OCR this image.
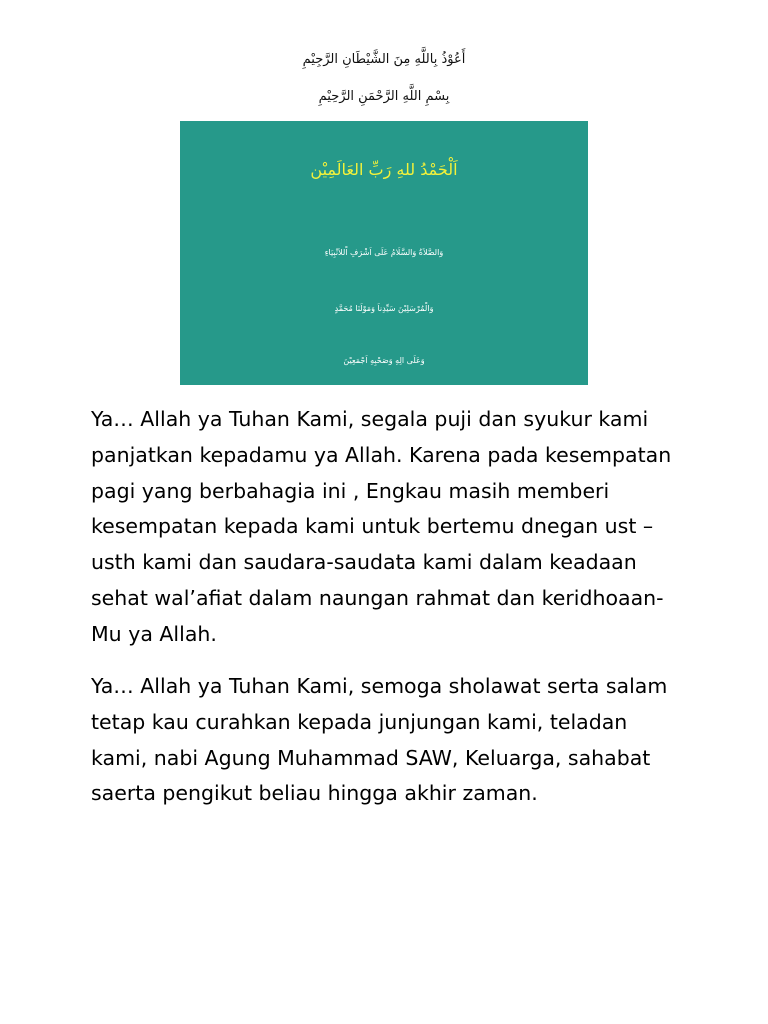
أَعُوْذُ بِاللَّهِ مِنَ الشَّيْطَانِ الرَّجِيْمِ
بِسْمِ اللَّهِ الرَّحْمَنِ الرَّحِيْمِ
اَلْحَمْدُ للهِ رَبِّ العَالَمِيْن
وَالصَّلاَةُ وَالسَّلَامُ عَلَى اَشْرَفِ اْللاَنْبِيَاءِ
وَالْمُرْسَلِيْنَ سَيِّدِناَ وَمَوْلَنَا مُحَمَّدٍ
وَعَلَى الِهِ وَصَحْبِهِ اَجْمَعِيْنَ

Ya… Allah ya Tuhan Kami, segala puji dan syukur kami
panjatkan kepadamu ya Allah. Karena pada kesempatan
pagi yang berbahagia ini , Engkau masih memberi
kesempatan kepada kami untuk bertemu dnegan ust –
usth kami dan saudara-saudata kami dalam keadaan
sehat wal’afiat dalam naungan rahmat dan keridhoaan-
Mu ya Allah.

Ya… Allah ya Tuhan Kami, semoga sholawat serta salam
tetap kau curahkan kepada junjungan kami, teladan
kami, nabi Agung Muhammad SAW, Keluarga, sahabat
saerta pengikut beliau hingga akhir zaman.
